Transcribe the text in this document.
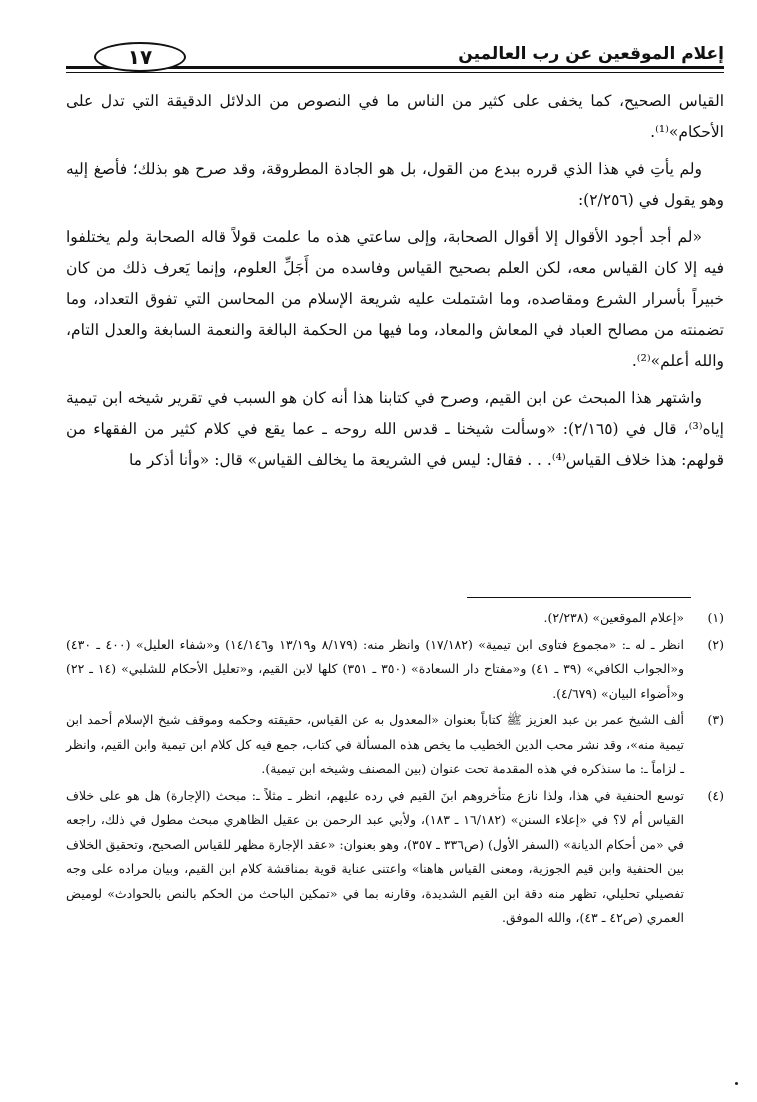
إعلام الموقعين عن رب العالمين
١٧

القياس الصحيح، كما يخفى على كثير من الناس ما في النصوص من الدلائل الدقيقة التي تدل على الأحكام»⁽¹⁾.

ولم يأتِ في هذا الذي قرره ببدع من القول، بل هو الجادة المطروقة، وقد صرح هو بذلك؛ فأصغ إليه وهو يقول في (٢/٢٥٦):

«لم أجد أجود الأقوال إلا أقوال الصحابة، وإلى ساعتي هذه ما علمت قولاً قاله الصحابة ولم يختلفوا فيه إلا كان القياس معه، لكن العلم بصحيح القياس وفاسده من أَجَلِّ العلوم، وإنما يَعرف ذلك من كان خبيراً بأسرار الشرع ومقاصده، وما اشتملت عليه شريعة الإسلام من المحاسن التي تفوق التعداد، وما تضمنته من مصالح العباد في المعاش والمعاد، وما فيها من الحكمة البالغة والنعمة السابغة والعدل التام، والله أعلم»⁽²⁾.

واشتهر هذا المبحث عن ابن القيم، وصرح في كتابنا هذا أنه كان هو السبب في تقرير شيخه ابن تيمية إياه⁽³⁾، قال في (٢/١٦٥): «وسألت شيخنا ـ قدس الله روحه ـ عما يقع في كلام كثير من الفقهاء من قولهم: هذا خلاف القياس⁽⁴⁾. . . فقال: ليس في الشريعة ما يخالف القياس» قال: «وأنا أذكر ما

(١)
«إعلام الموقعين» (٢/٢٣٨).
(٢)
انظر ـ له ـ: «مجموع فتاوى ابن تيمية» (١٧/١٨٢) وانظر منه: (٨/١٧٩ و١٣/١٩ و١٤/١٤٦) و«شفاء العليل» (٤٠٠ ـ ٤٣٠) و«الجواب الكافي» (٣٩ ـ ٤١) و«مفتاح دار السعادة» (٣٥٠ ـ ٣٥١) كلها لابن القيم، و«تعليل الأحكام للشلبي» (١٤ ـ ٢٢) و«أضواء البيان» (٤/٦٧٩).
(٣)
ألف الشيخ عمر بن عبد العزيز ﷺ كتاباً بعنوان «المعدول به عن القياس، حقيقته وحكمه وموقف شيخ الإسلام أحمد ابن تيمية منه»، وقد نشر محب الدين الخطيب ما يخص هذه المسألة في كتاب، جمع فيه كل كلام ابن تيمية وابن القيم، وانظر ـ لزاماً ـ: ما سنذكره في هذه المقدمة تحت عنوان (بين المصنف وشيخه ابن تيمية).
(٤)
توسع الحنفية في هذا، ولذا نازع متأخروهم ابنَ القيم في رده عليهم، انظر ـ مثلاً ـ: مبحث (الإجارة) هل هو على خلاف القياس أم لا؟ في «إعلاء السنن» (١٦/١٨٢ ـ ١٨٣)، ولأبي عبد الرحمن بن عقيل الظاهري مبحث مطول في ذلك، راجعه في «من أحكام الديانة» (السفر الأول) (ص٣٣٦ ـ ٣٥٧)، وهو بعنوان: «عقد الإجارة مظهر للقياس الصحيح، وتحقيق الخلاف بين الحنفية وابن قيم الجوزية، ومعنى القياس هاهنا» واعتنى عناية قوية بمناقشة كلام ابن القيم، وبيان مراده على وجه تفصيلي تحليلي، تظهر منه دقة ابن القيم الشديدة، وقارنه بما في «تمكين الباحث من الحكم بالنص بالحوادث» لوميض العمري (ص٤٢ ـ ٤٣)، والله الموفق.
